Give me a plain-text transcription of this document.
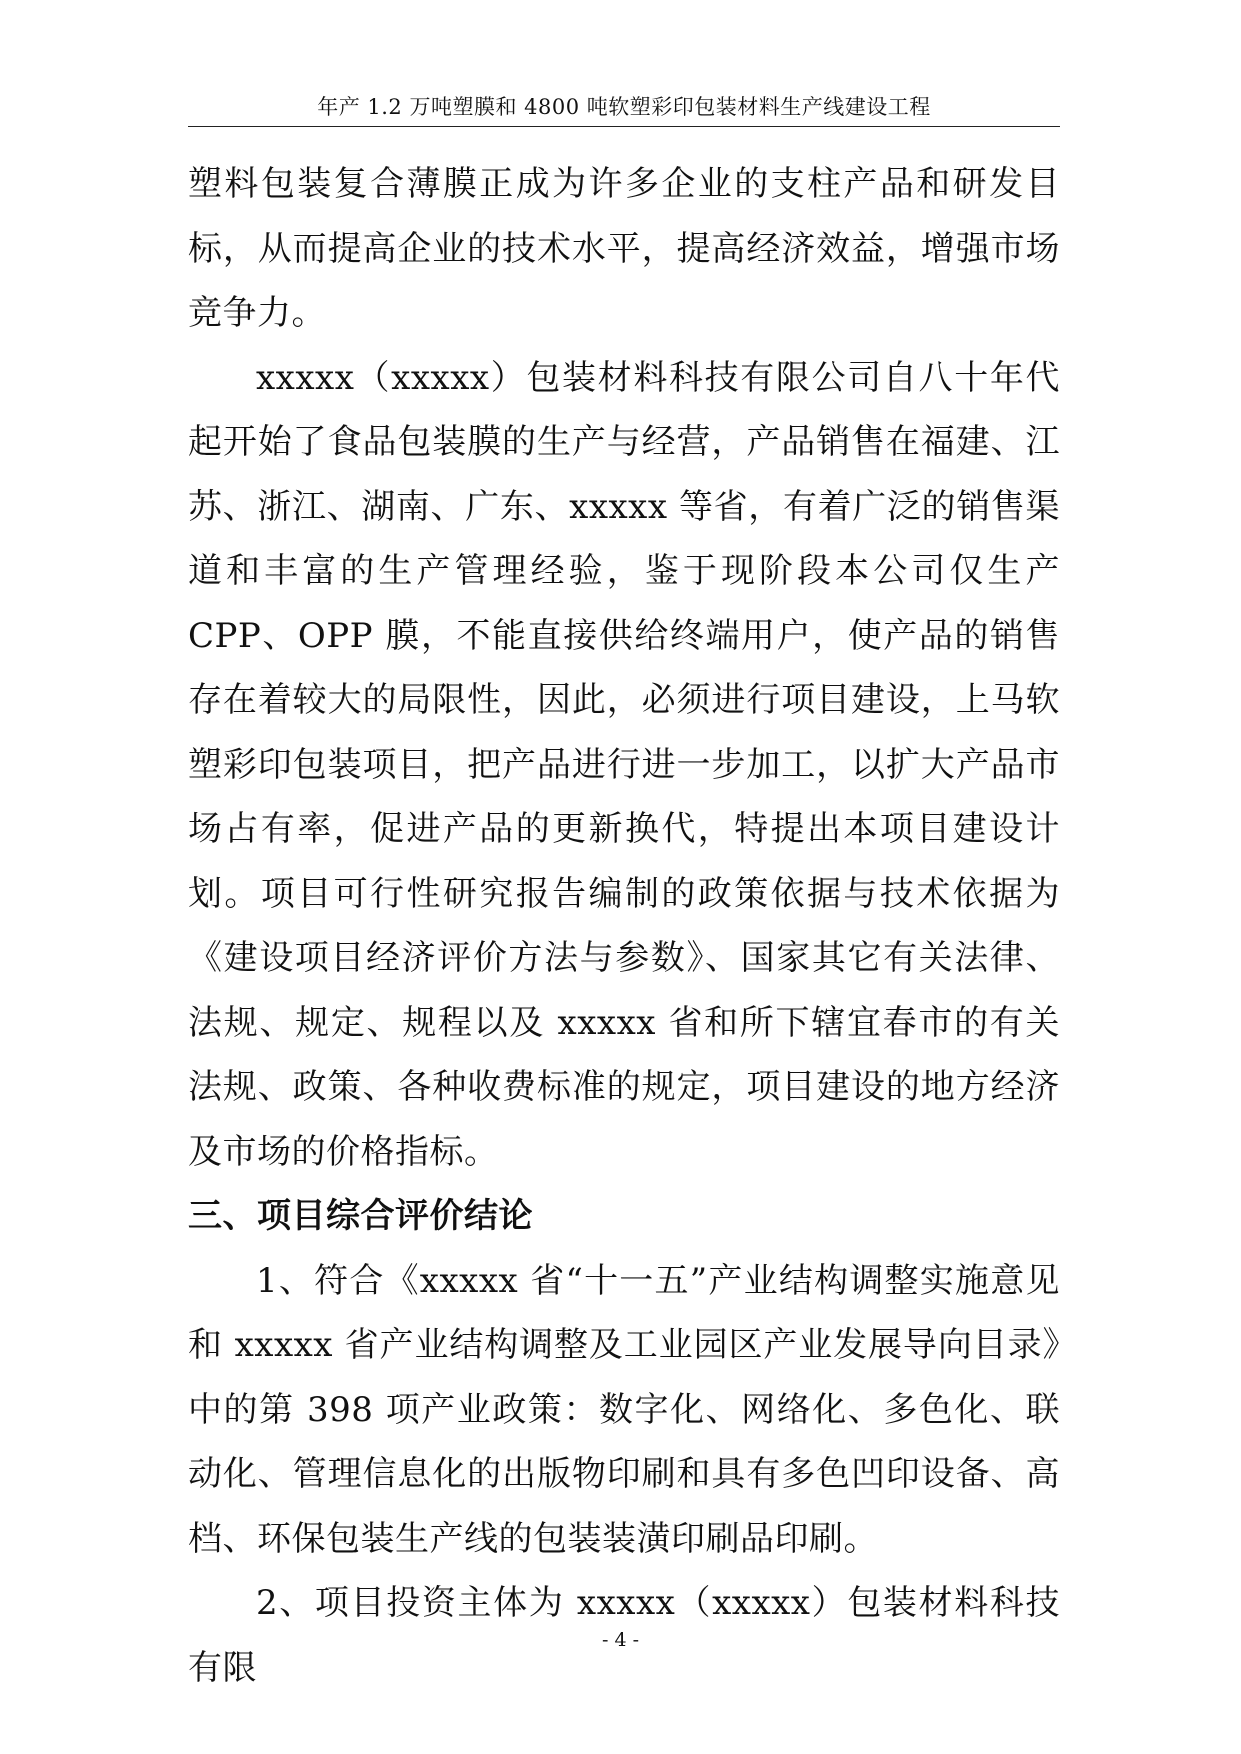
年产 1.2 万吨塑膜和 4800 吨软塑彩印包装材料生产线建设工程

塑料包装复合薄膜正成为许多企业的支柱产品和研发目标，从而提高企业的技术水平，提高经济效益，增强市场竞争力。

xxxxx（xxxxx）包装材料科技有限公司自八十年代起开始了食品包装膜的生产与经营，产品销售在福建、江苏、浙江、湖南、广东、xxxxx 等省，有着广泛的销售渠道和丰富的生产管理经验，鉴于现阶段本公司仅生产 CPP、OPP 膜，不能直接供给终端用户，使产品的销售存在着较大的局限性，因此，必须进行项目建设，上马软塑彩印包装项目，把产品进行进一步加工，以扩大产品市场占有率，促进产品的更新换代，特提出本项目建设计划。项目可行性研究报告编制的政策依据与技术依据为《建设项目经济评价方法与参数》、国家其它有关法律、法规、规定、规程以及 xxxxx 省和所下辖宜春市的有关法规、政策、各种收费标准的规定，项目建设的地方经济及市场的价格指标。

三、项目综合评价结论

1、符合《xxxxx 省“十一五”产业结构调整实施意见和 xxxxx 省产业结构调整及工业园区产业发展导向目录》中的第 398 项产业政策：数字化、网络化、多色化、联动化、管理信息化的出版物印刷和具有多色凹印设备、高档、环保包装生产线的包装装潢印刷品印刷。

2、项目投资主体为 xxxxx（xxxxx）包装材料科技有限

- 4 -
